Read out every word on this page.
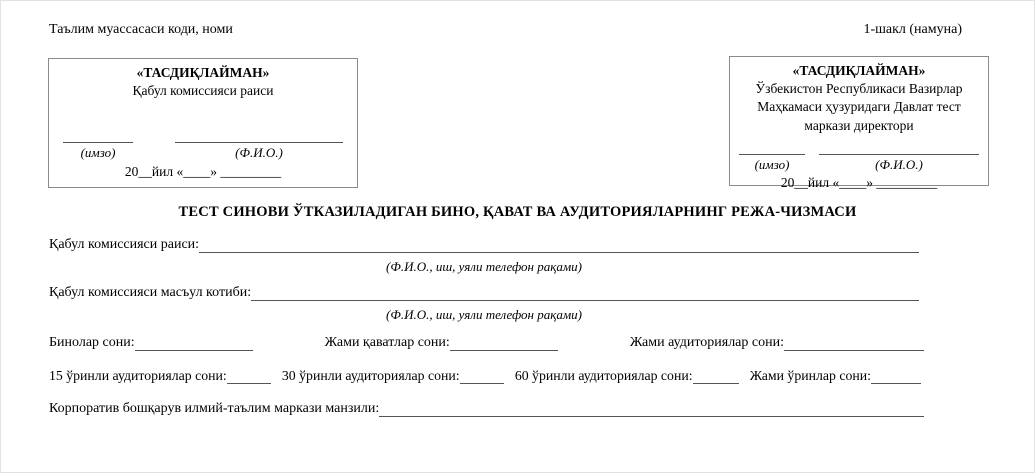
Таълим муассасаси коди, номи	1-шакл (намуна)
«ТАСДИҚЛАЙМАН»
Қабул комиссияси раиси
(имзо)	(Ф.И.О.)
20__йил «____» _________
«ТАСДИҚЛАЙМАН»
Ўзбекистон Республикаси Вазирлар Маҳкамаси ҳузуридаги Давлат тест маркази директори
(имзо)	(Ф.И.О.)
20__йил «____» _________
ТЕСТ СИНОВИ ЎТКАЗИЛАДИГАН БИНО, ҚАВАТ ВА АУДИТОРИЯЛАРНИНГ РЕЖА-ЧИЗМАСИ
Қабул комиссияси раиси:
(Ф.И.О., иш, уяли телефон рақами)
Қабул комиссияси масъул котиби:
(Ф.И.О., иш, уяли телефон рақами)
Бинолар сони:	Жами қаватлар сони:	Жами аудиториялар сони:
15 ўринли аудиториялар сони:	30 ўринли аудиториялар сони:	60 ўринли аудиториялар сони:	Жами ўринлар сони:
Корпоратив бошқарув илмий-таълим маркази манзили:
